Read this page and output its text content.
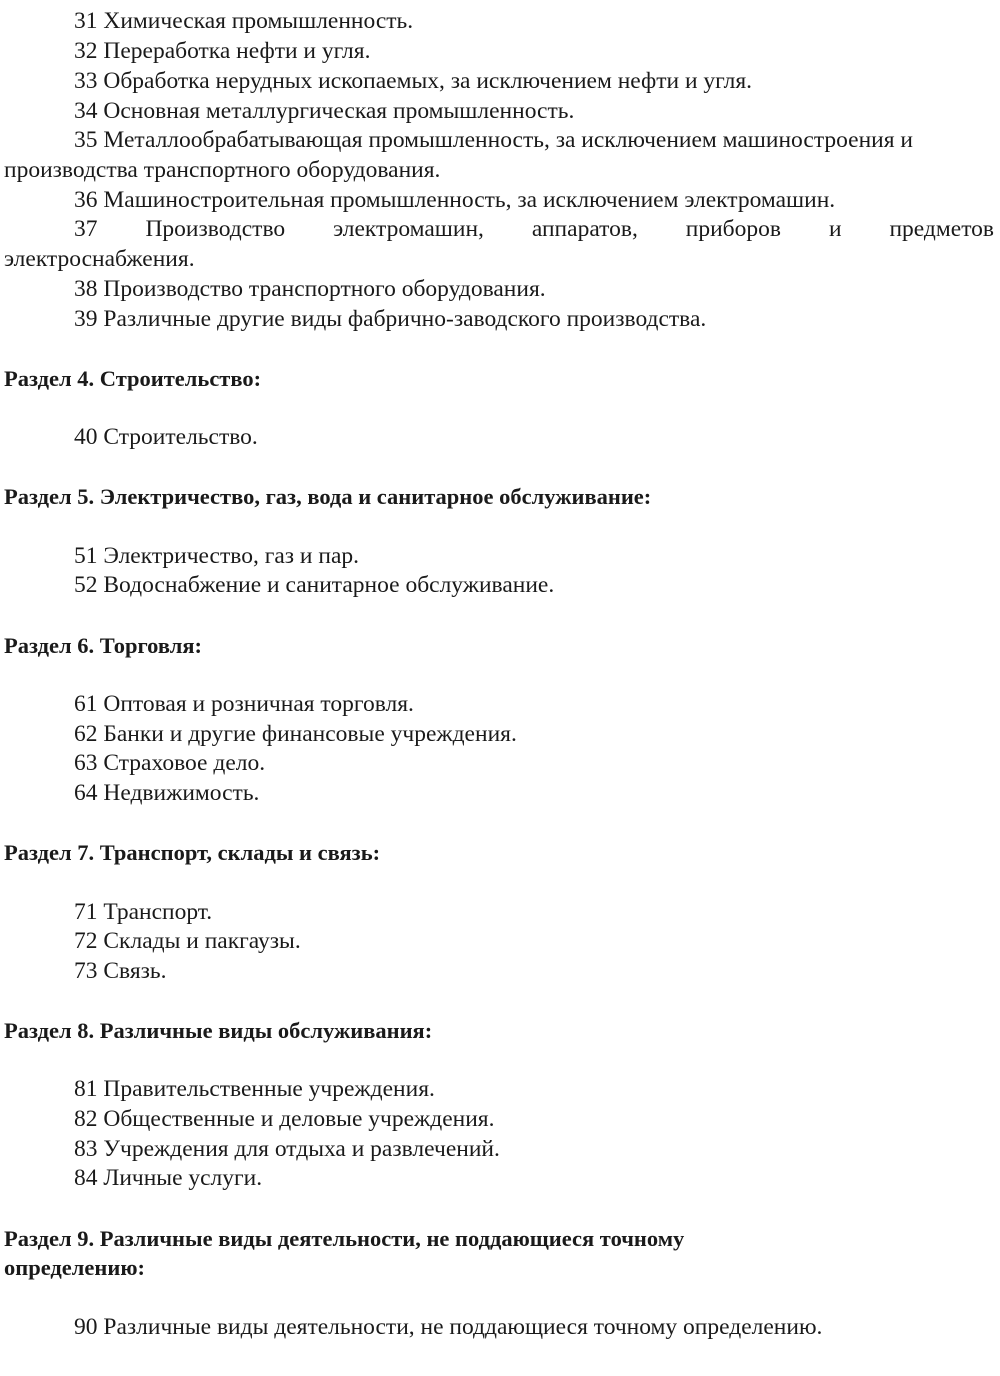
31 Химическая промышленность.
32 Переработка нефти и угля.
33 Обработка нерудных ископаемых, за исключением нефти и угля.
34 Основная металлургическая промышленность.
35 Металлообрабатывающая промышленность, за исключением машиностроения и
производства транспортного оборудования.
36 Машиностроительная промышленность, за исключением электромашин.
37 Производство электромашин, аппаратов, приборов и предметов
электроснабжения.
38 Производство транспортного оборудования.
39 Различные другие виды фабрично-заводского производства.
Раздел 4. Строительство:
40 Строительство.
Раздел 5. Электричество, газ, вода и санитарное обслуживание:
51 Электричество, газ и пар.
52 Водоснабжение и санитарное обслуживание.
Раздел 6. Торговля:
61 Оптовая и розничная торговля.
62 Банки и другие финансовые учреждения.
63 Страховое дело.
64 Недвижимость.
Раздел 7. Транспорт, склады и связь:
71 Транспорт.
72 Склады и пакгаузы.
73 Связь.
Раздел 8. Различные виды обслуживания:
81 Правительственные учреждения.
82 Общественные и деловые учреждения.
83 Учреждения для отдыха и развлечений.
84 Личные услуги.
Раздел 9. Различные виды деятельности, не поддающиеся точному
определению:
90 Различные виды деятельности, не поддающиеся точному определению.
